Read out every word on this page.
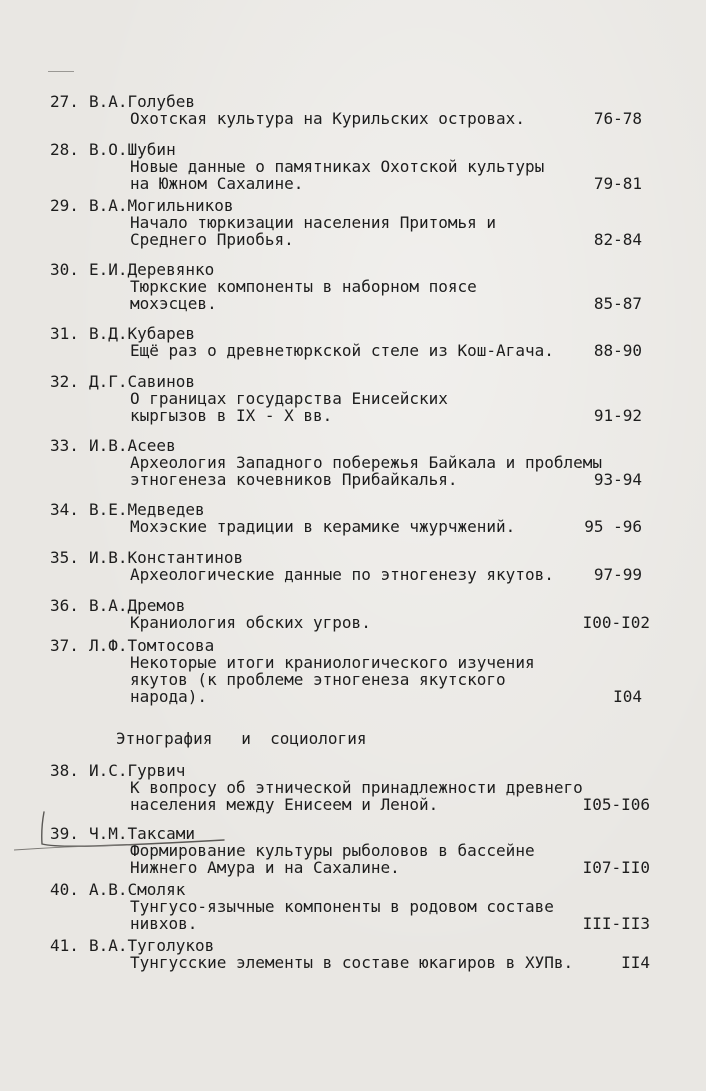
27. В.А.Голубев
Охотская культура на Курильских островах.	76-78
28. В.О.Шубин
Новые данные о памятниках Охотской культуры
на Южном Сахалине.	79-81
29. В.А.Могильников
Начало тюркизации населения Притомья и
Среднего Приобья.	82-84
30. Е.И.Деревянко
Тюркские компоненты в наборном поясе
мохэсцев.	85-87
31. В.Д.Кубарев
Ещё раз о древнетюркской стеле из Кош-Агача. 88-90
32. Д.Г.Савинов
О границах государства Енисейских
кыргызов в IX - X вв.	91-92
33. И.В.Асеев
Археология Западного побережья Байкала и проблемы
этногенеза кочевников Прибайкалья.	93-94
34. В.Е.Медведев
Мохэские традиции в керамике чжурчжений.	95 -96
35. И.В.Константинов
Археологические данные по этногенезу якутов. 97-99
36. В.А.Дремов
Краниология обских угров.	I00-I02
37. Л.Ф.Томтосова
Некоторые итоги краниологического изучения
якутов (к проблеме этногенеза якутского
народа).	I04
Этнография   и  социология
38. И.С.Гурвич
К вопросу об этнической принадлежности древнего
населения между Енисеем и Леной.	I05-I06
39. Ч.М.Таксами
Формирование культуры рыболовов в бассейне
Нижнего Амура и на Сахалине.	I07-II0
40. А.В.Смоляк
Тунгусо-язычные компоненты в родовом составе
нивхов.	III-II3
41. В.А.Туголуков
Тунгусские элементы в составе юкагиров в ХУПв.	II4
